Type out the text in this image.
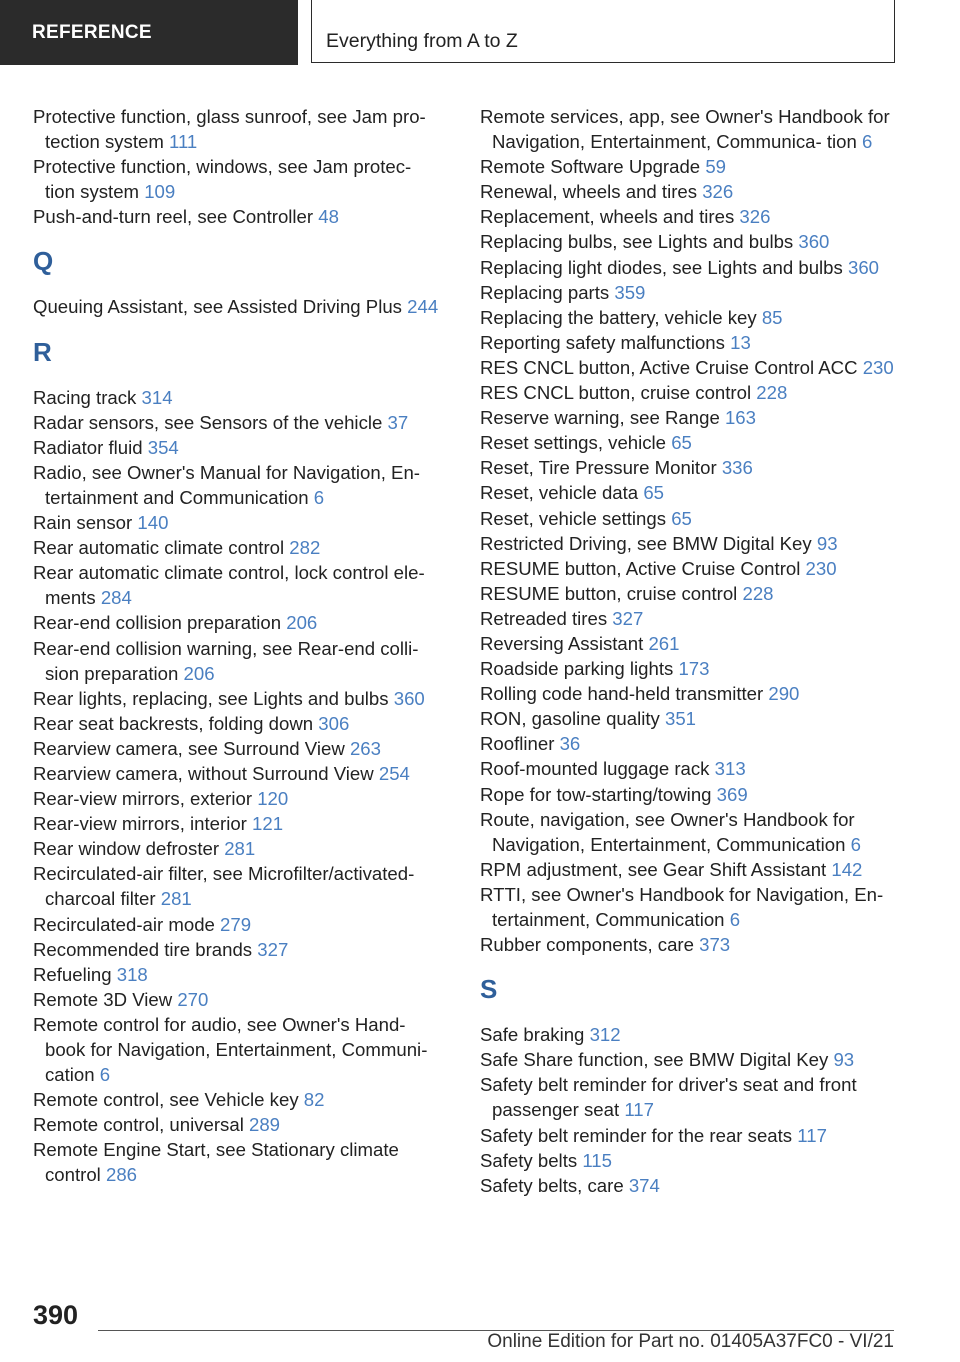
REFERENCE	Everything from A to Z

Protective function, glass sunroof, see Jam pro- tection system 111

Protective function, windows, see Jam protec- tion system 109

Push-and-turn reel, see Controller 48

Q

Queuing Assistant, see Assisted Driving Plus 244

R

Racing track 314

Radar sensors, see Sensors of the vehicle 37

Radiator fluid 354

Radio, see Owner's Manual for Navigation, En- tertainment and Communication 6

Rain sensor 140

Rear automatic climate control 282

Rear automatic climate control, lock control ele- ments 284

Rear-end collision preparation 206

Rear-end collision warning, see Rear-end colli- sion preparation 206

Rear lights, replacing, see Lights and bulbs 360

Rear seat backrests, folding down 306

Rearview camera, see Surround View 263

Rearview camera, without Surround View 254

Rear-view mirrors, exterior 120

Rear-view mirrors, interior 121

Rear window defroster 281

Recirculated-air filter, see Microfilter/activated- charcoal filter 281

Recirculated-air mode 279

Recommended tire brands 327

Refueling 318

Remote 3D View 270

Remote control for audio, see Owner's Hand- book for Navigation, Entertainment, Communi- cation 6

Remote control, see Vehicle key 82

Remote control, universal 289

Remote Engine Start, see Stationary climate control 286

Remote services, app, see Owner's Handbook for Navigation, Entertainment, Communica- tion 6

Remote Software Upgrade 59

Renewal, wheels and tires 326

Replacement, wheels and tires 326

Replacing bulbs, see Lights and bulbs 360

Replacing light diodes, see Lights and bulbs 360

Replacing parts 359

Replacing the battery, vehicle key 85

Reporting safety malfunctions 13

RES CNCL button, Active Cruise Control ACC 230

RES CNCL button, cruise control 228

Reserve warning, see Range 163

Reset settings, vehicle 65

Reset, Tire Pressure Monitor 336

Reset, vehicle data 65

Reset, vehicle settings 65

Restricted Driving, see BMW Digital Key 93

RESUME button, Active Cruise Control 230

RESUME button, cruise control 228

Retreaded tires 327

Reversing Assistant 261

Roadside parking lights 173

Rolling code hand-held transmitter 290

RON, gasoline quality 351

Roofliner 36

Roof-mounted luggage rack 313

Rope for tow-starting/towing 369

Route, navigation, see Owner's Handbook for Navigation, Entertainment, Communication 6

RPM adjustment, see Gear Shift Assistant 142

RTTI, see Owner's Handbook for Navigation, En- tertainment, Communication 6

Rubber components, care 373

S

Safe braking 312

Safe Share function, see BMW Digital Key 93

Safety belt reminder for driver's seat and front passenger seat 117

Safety belt reminder for the rear seats 117

Safety belts 115

Safety belts, care 374

390
Online Edition for Part no. 01405A37FC0 - VI/21
